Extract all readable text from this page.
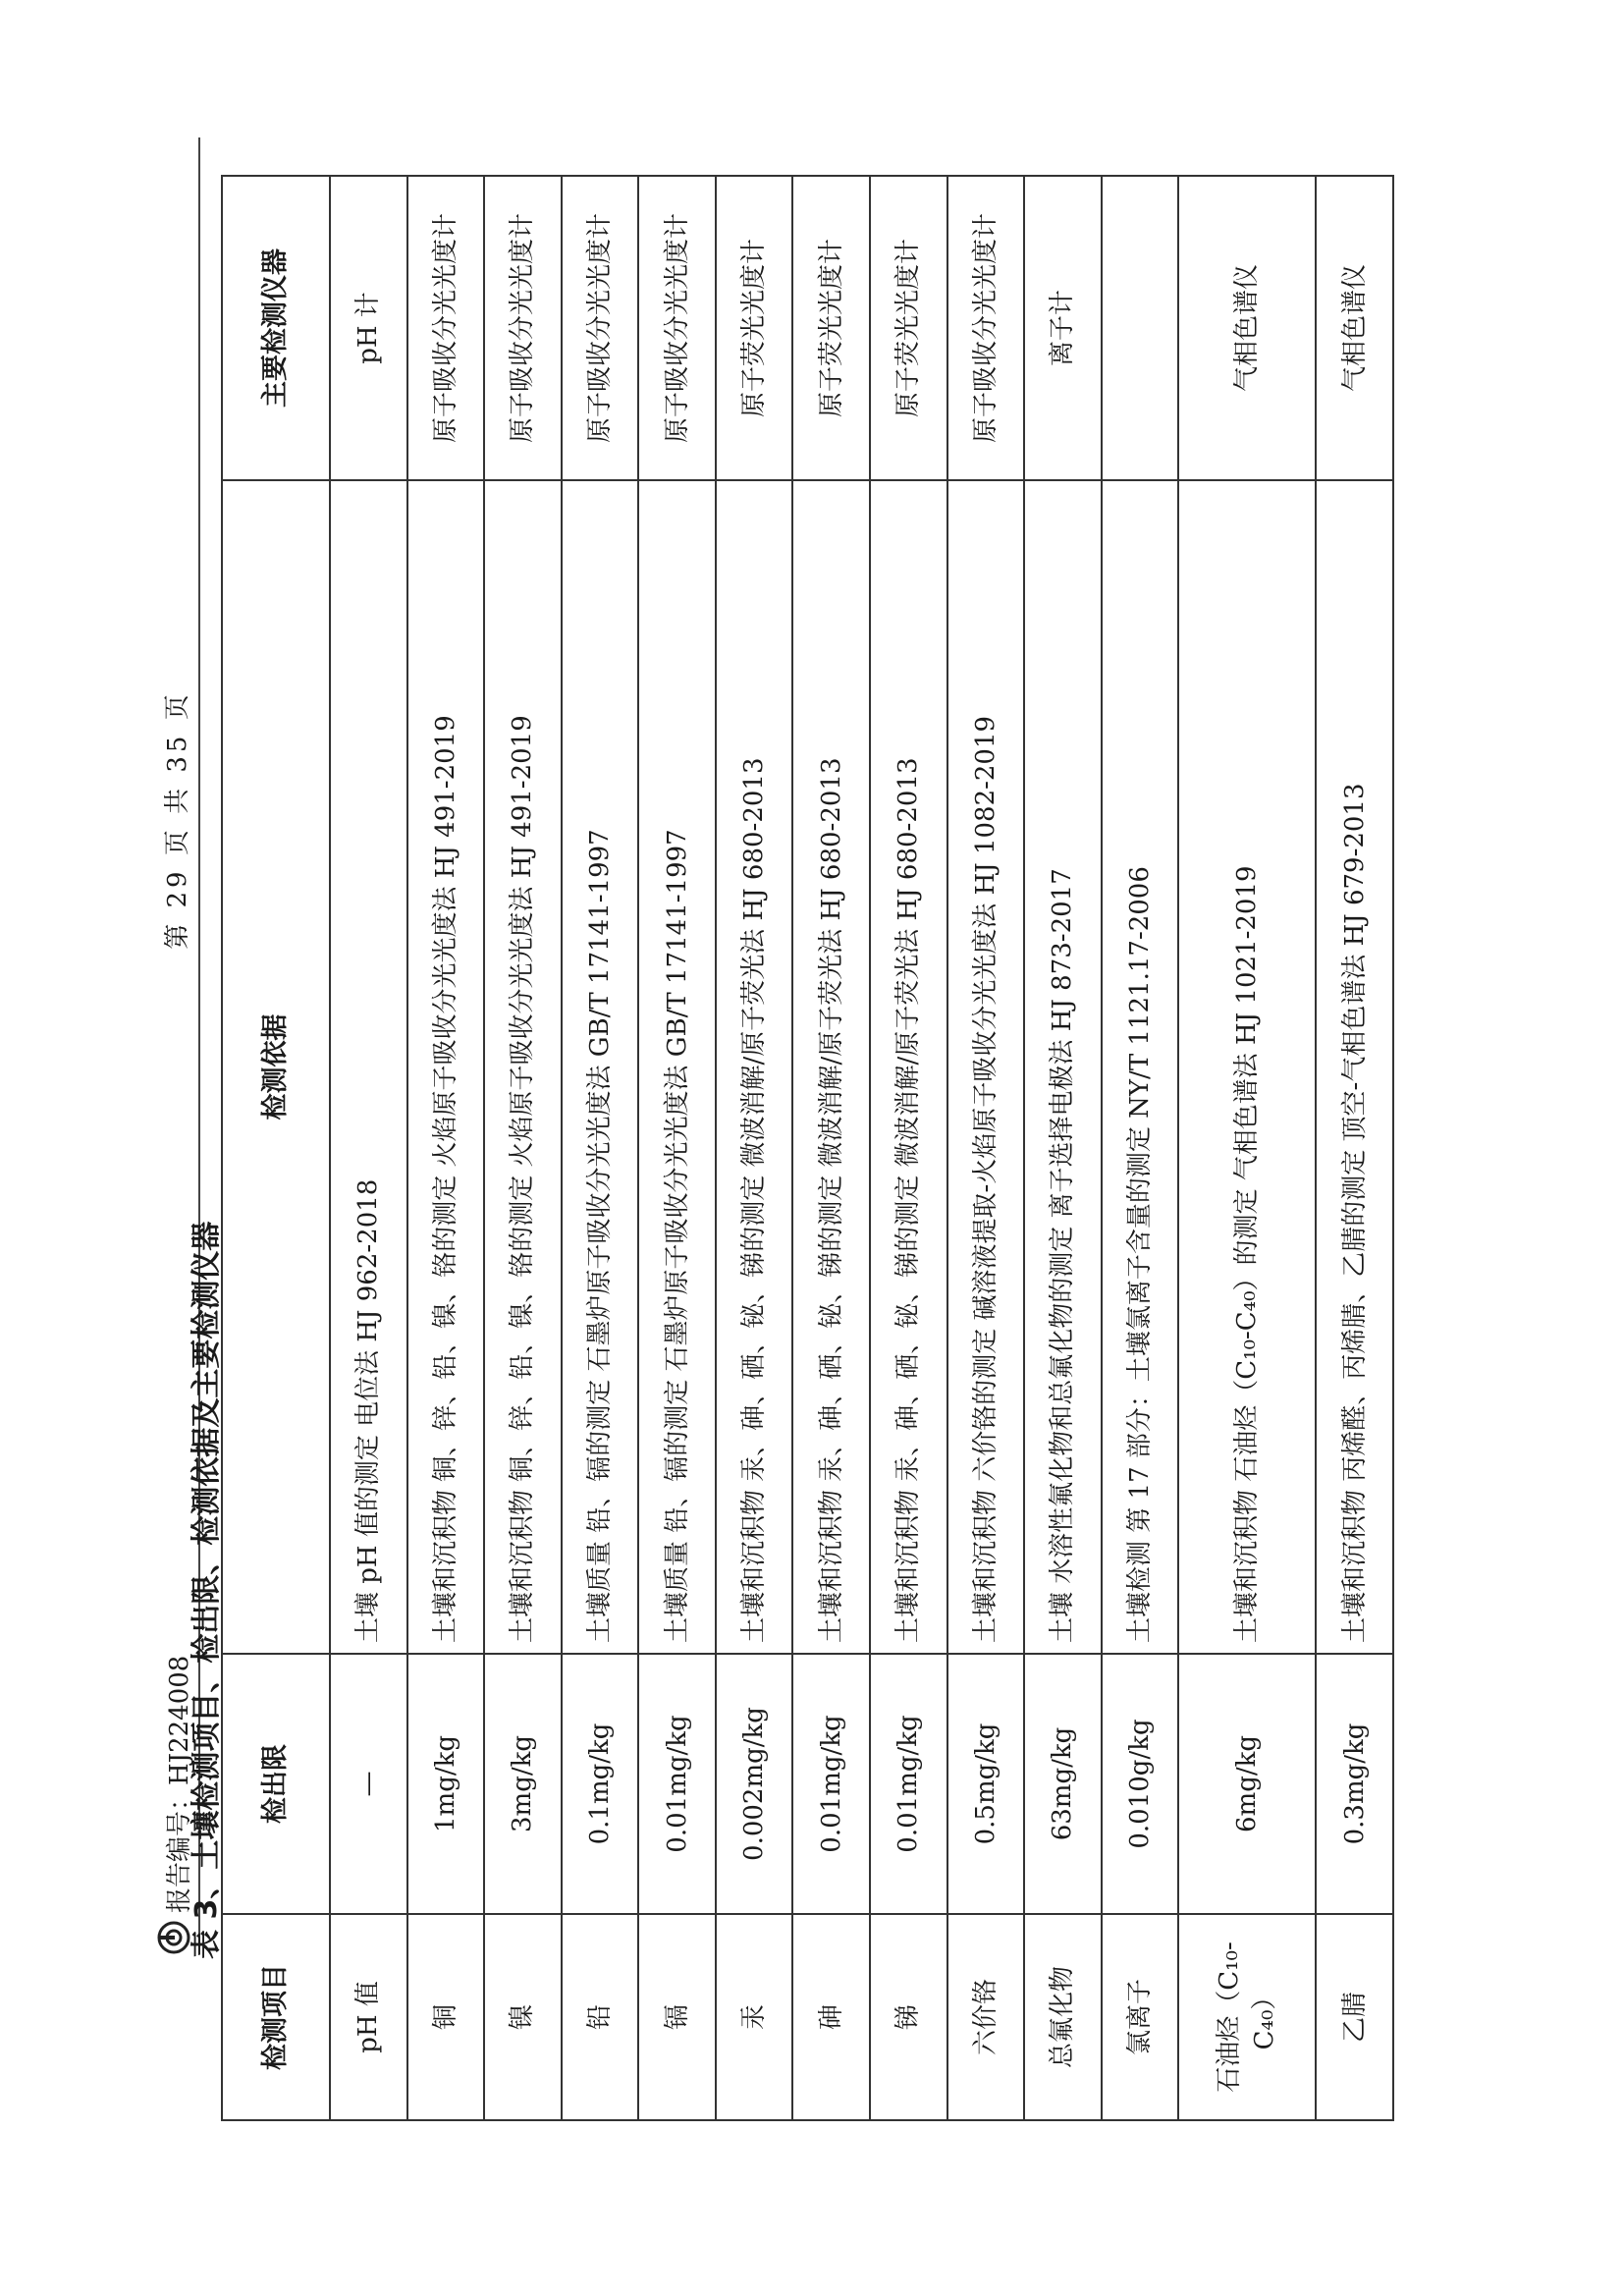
报告编号：HJ224008
第 29 页 共 35 页
表 3、土壤检测项目、检出限、检测依据及主要检测仪器
检测项目	检出限	检测依据	主要检测仪器
pH 值	—	土壤 pH 值的测定 电位法 HJ 962-2018	pH 计
铜	1mg/kg	土壤和沉积物 铜、锌、铅、镍、铬的测定 火焰原子吸收分光光度法 HJ 491-2019	原子吸收分光光度计
镍	3mg/kg	土壤和沉积物 铜、锌、铅、镍、铬的测定 火焰原子吸收分光光度法 HJ 491-2019	原子吸收分光光度计
铅	0.1mg/kg	土壤质量 铅、镉的测定 石墨炉原子吸收分光光度法 GB/T 17141-1997	原子吸收分光光度计
镉	0.01mg/kg	土壤质量 铅、镉的测定 石墨炉原子吸收分光光度法 GB/T 17141-1997	原子吸收分光光度计
汞	0.002mg/kg	土壤和沉积物 汞、砷、硒、铋、锑的测定 微波消解/原子荧光法 HJ 680-2013	原子荧光光度计
砷	0.01mg/kg	土壤和沉积物 汞、砷、硒、铋、锑的测定 微波消解/原子荧光法 HJ 680-2013	原子荧光光度计
锑	0.01mg/kg	土壤和沉积物 汞、砷、硒、铋、锑的测定 微波消解/原子荧光法 HJ 680-2013	原子荧光光度计
六价铬	0.5mg/kg	土壤和沉积物 六价铬的测定 碱溶液提取-火焰原子吸收分光光度法 HJ 1082-2019	原子吸收分光光度计
总氟化物	63mg/kg	土壤 水溶性氟化物和总氟化物的测定 离子选择电极法 HJ 873-2017	离子计
氯离子	0.010g/kg	土壤检测 第 17 部分：土壤氯离子含量的测定 NY/T 1121.17-2006	
石油烃（C₁₀-C₄₀）	6mg/kg	土壤和沉积物 石油烃（C₁₀-C₄₀）的测定 气相色谱法 HJ 1021-2019	气相色谱仪
乙腈	0.3mg/kg	土壤和沉积物 丙烯醛、丙烯腈、乙腈的测定 顶空-气相色谱法 HJ 679-2013	气相色谱仪
